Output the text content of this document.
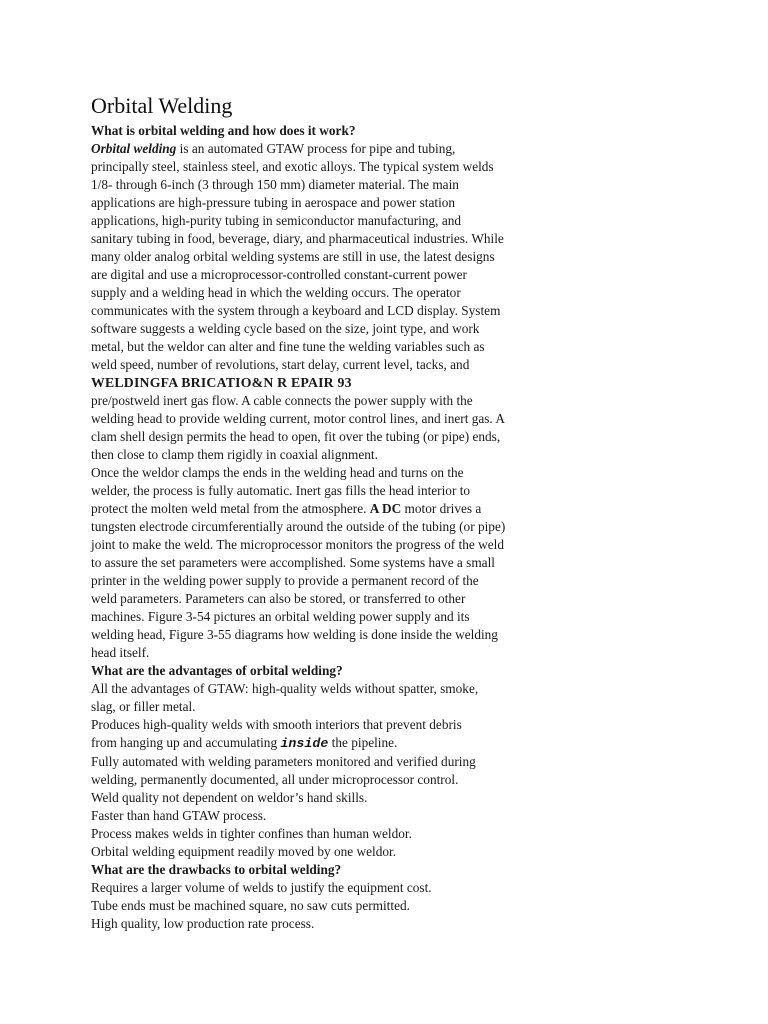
Orbital Welding

What is orbital welding and how does it work?

Orbital welding is an automated GTAW process for pipe and tubing,
principally steel, stainless steel, and exotic alloys. The typical system welds
1/8- through 6-inch (3 through 150 mm) diameter material. The main
applications are high-pressure tubing in aerospace and power station
applications, high-purity tubing in semiconductor manufacturing, and
sanitary tubing in food, beverage, diary, and pharmaceutical industries. While
many older analog orbital welding systems are still in use, the latest designs
are digital and use a microprocessor-controlled constant-current power
supply and a welding head in which the welding occurs. The operator
communicates with the system through a keyboard and LCD display. System
software suggests a welding cycle based on the size, joint type, and work
metal, but the weldor can alter and fine tune the welding variables such as
weld speed, number of revolutions, start delay, current level, tacks, and

WELDINGFA BRICATIO&N R EPAIR 93

pre/postweld inert gas flow. A cable connects the power supply with the
welding head to provide welding current, motor control lines, and inert gas. A
clam shell design permits the head to open, fit over the tubing (or pipe) ends,
then close to clamp them rigidly in coaxial alignment.

Once the weldor clamps the ends in the welding head and turns on the
welder, the process is fully automatic. Inert gas fills the head interior to
protect the molten weld metal from the atmosphere. A DC motor drives a
tungsten electrode circumferentially around the outside of the tubing (or pipe)
joint to make the weld. The microprocessor monitors the progress of the weld
to assure the set parameters were accomplished. Some systems have a small
printer in the welding power supply to provide a permanent record of the
weld parameters. Parameters can also be stored, or transferred to other
machines. Figure 3-54 pictures an orbital welding power supply and its
welding head, Figure 3-55 diagrams how welding is done inside the welding
head itself.

What are the advantages of orbital welding?

All the advantages of GTAW: high-quality welds without spatter, smoke,
slag, or filler metal.

Produces high-quality welds with smooth interiors that prevent debris
from hanging up and accumulating inside the pipeline.

Fully automated with welding parameters monitored and verified during
welding, permanently documented, all under microprocessor control.

Weld quality not dependent on weldor’s hand skills.

Faster than hand GTAW process.

Process makes welds in tighter confines than human weldor.

Orbital welding equipment readily moved by one weldor.

What are the drawbacks to orbital welding?

Requires a larger volume of welds to justify the equipment cost.

Tube ends must be machined square, no saw cuts permitted.

High quality, low production rate process.
